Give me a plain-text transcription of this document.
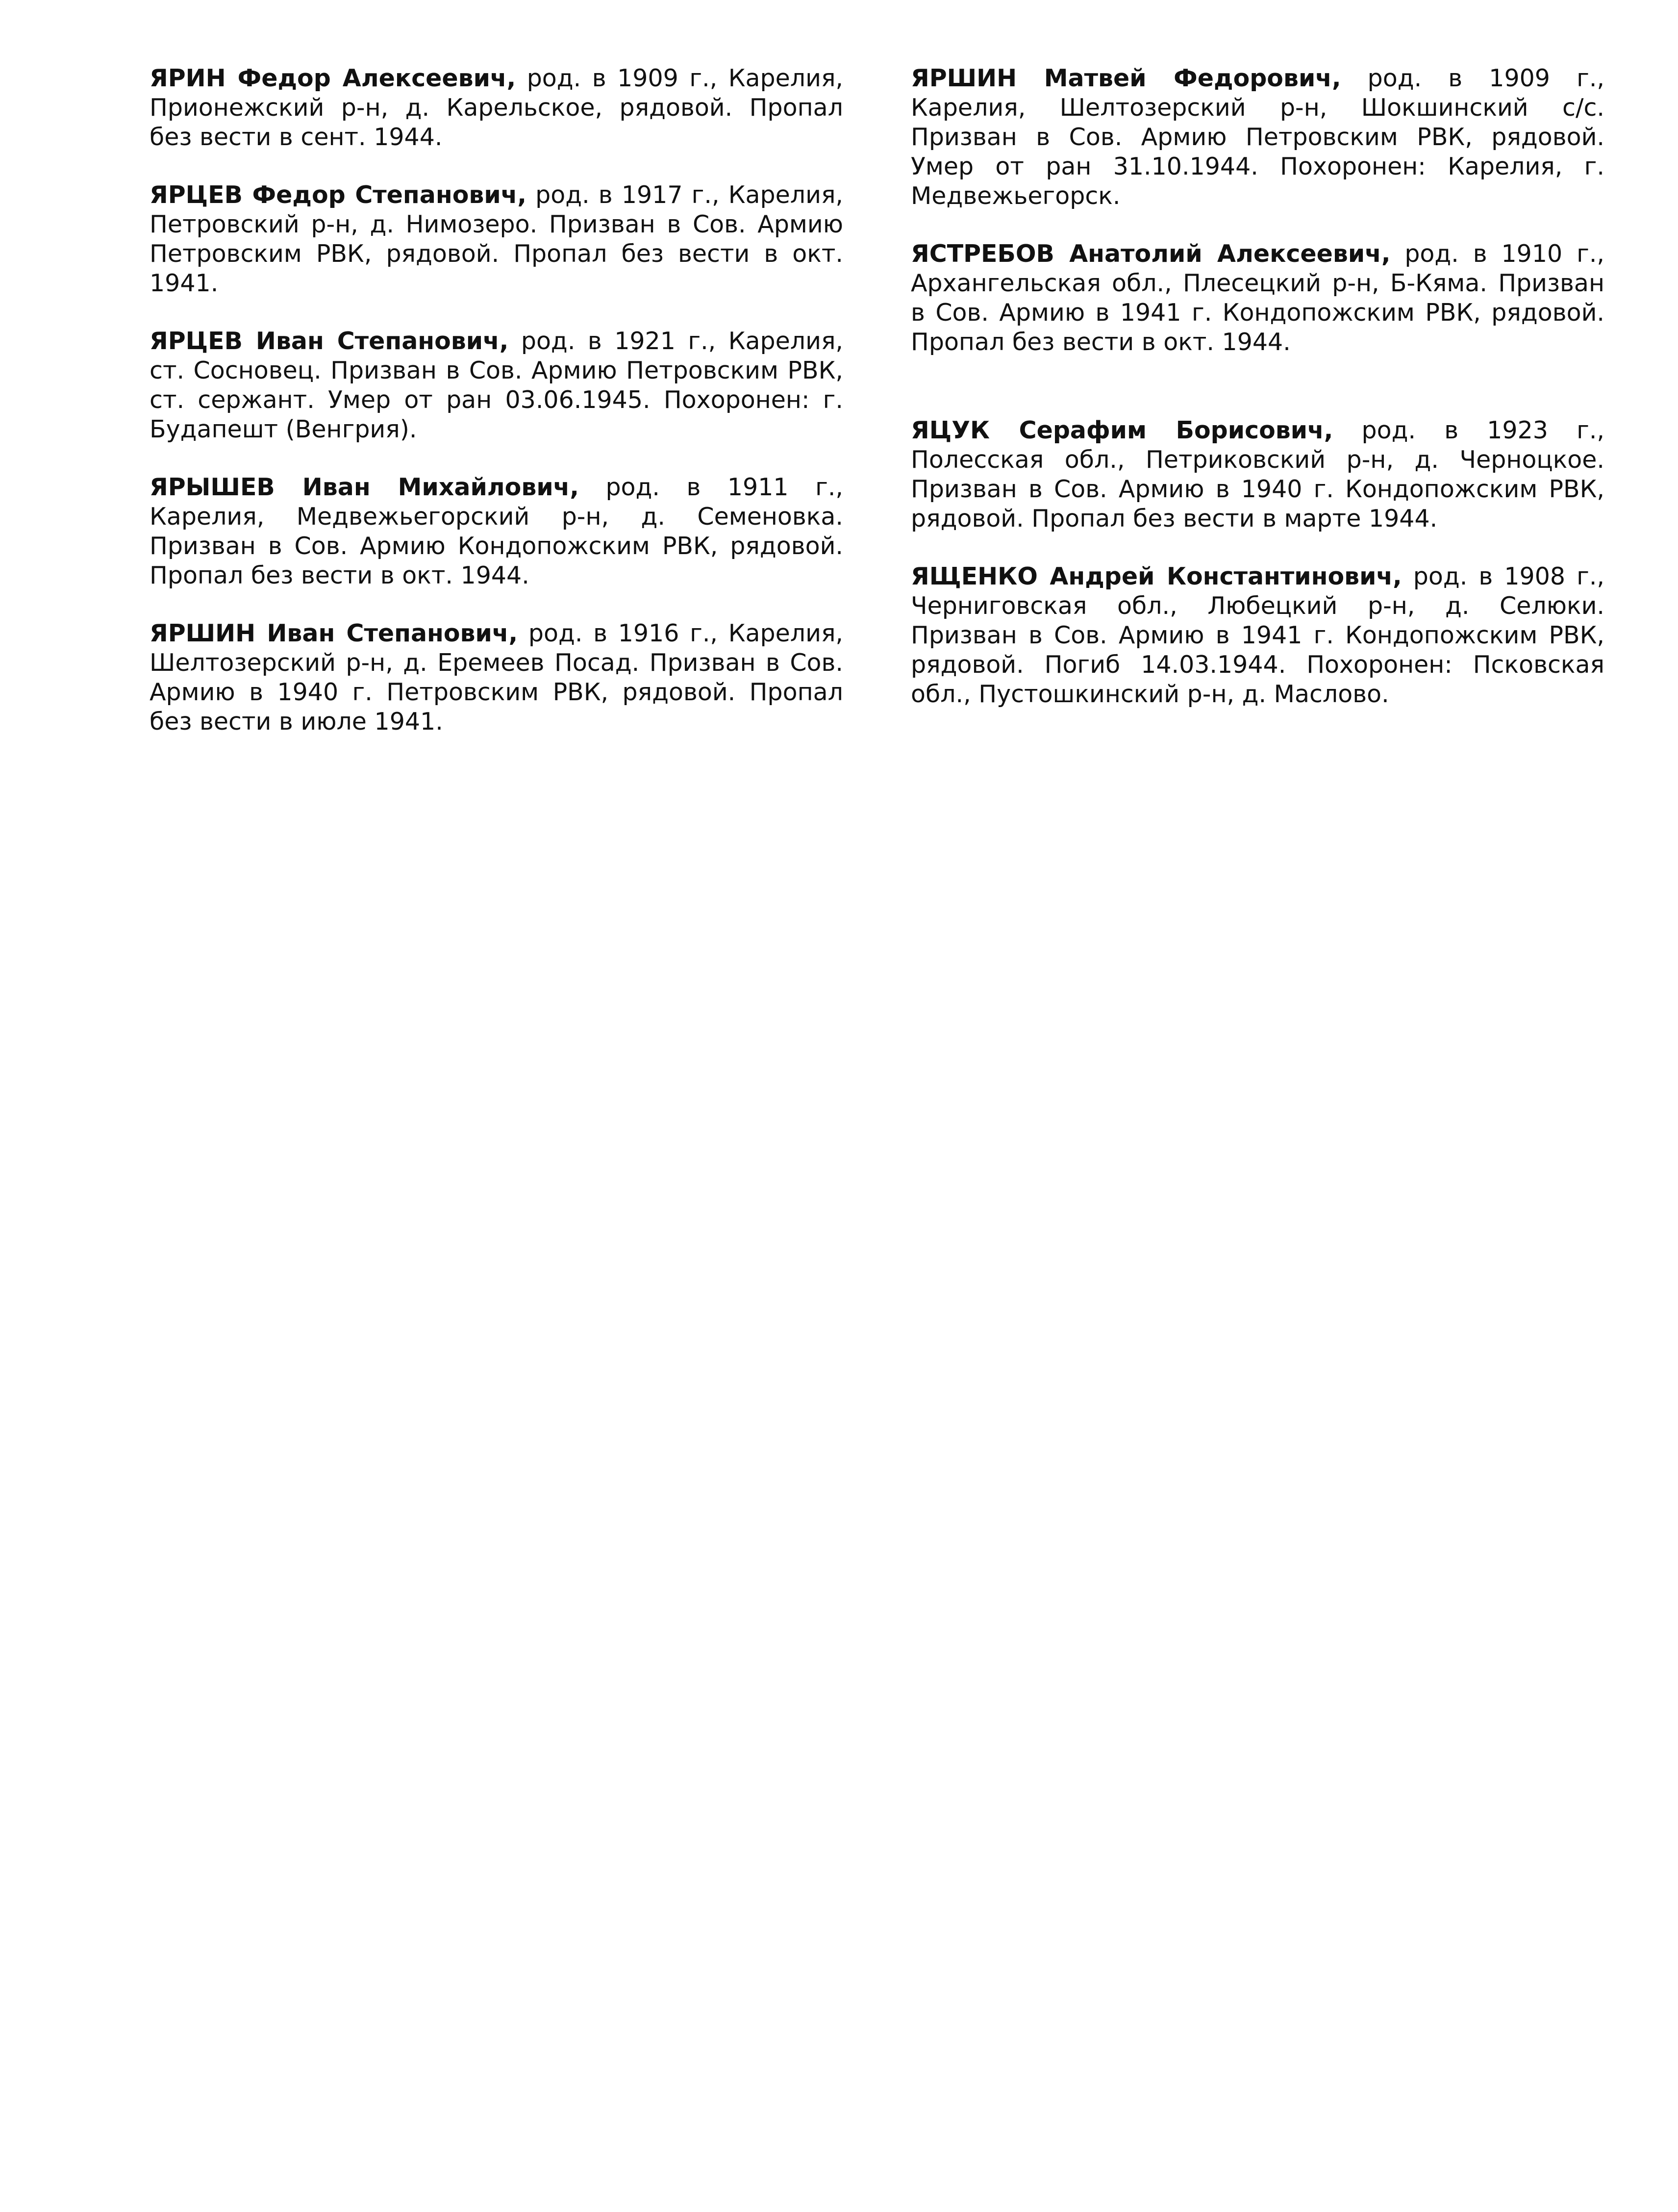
ЯРИН Федор Алексеевич, род. в 1909 г., Карелия, Прионежский р-н, д. Карельское, рядовой. Пропал без вести в сент. 1944.

ЯРЦЕВ Федор Степанович, род. в 1917 г., Карелия, Петровский р-н, д. Нимозеро. Призван в Сов. Армию Петровским РВК, рядовой. Пропал без вести в окт. 1941.

ЯРЦЕВ Иван Степанович, род. в 1921 г., Карелия, ст. Сосновец. Призван в Сов. Армию Петровским РВК, ст. сержант. Умер от ран 03.06.1945. Похоронен: г. Будапешт (Венгрия).

ЯРЫШЕВ Иван Михайлович, род. в 1911 г., Карелия, Медвежьегорский р-н, д. Семеновка. Призван в Сов. Армию Кондопожским РВК, рядовой. Пропал без вести в окт. 1944.

ЯРШИН Иван Степанович, род. в 1916 г., Карелия, Шелтозерский р-н, д. Еремеев Посад. Призван в Сов. Армию в 1940 г. Петровским РВК, рядовой. Пропал без вести в июле 1941.

ЯРШИН Матвей Федорович, род. в 1909 г., Карелия, Шелтозерский р-н, Шокшинский с/с. Призван в Сов. Армию Петровским РВК, рядовой. Умер от ран 31.10.1944. Похоронен: Карелия, г. Медвежьегорск.

ЯСТРЕБОВ Анатолий Алексеевич, род. в 1910 г., Архангельская обл., Плесецкий р-н, Б-Кяма. Призван в Сов. Армию в 1941 г. Кондопожским РВК, рядовой. Пропал без вести в окт. 1944.

ЯЦУК Серафим Борисович, род. в 1923 г., Полесская обл., Петриковский р-н, д. Черноцкое. Призван в Сов. Армию в 1940 г. Кондопожским РВК, рядовой. Пропал без вести в марте 1944.

ЯЩЕНКО Андрей Константинович, род. в 1908 г., Черниговская обл., Любецкий р-н, д. Селюки. Призван в Сов. Армию в 1941 г. Кондопожским РВК, рядовой. Погиб 14.03.1944. Похоронен: Псковская обл., Пустошкинский р-н, д. Маслово.
